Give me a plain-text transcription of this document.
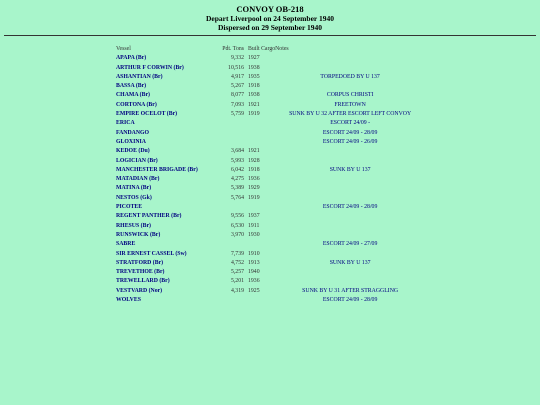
CONVOY OB-218
Depart Liverpool on 24 September 1940
Dispersed on 29 September 1940
Vessel	Pdt. Tons	Built Cargo	Notes
APAPA (Br)	9,332	1927	
ARTHUR F CORWIN (Br)	10,516	1938	
ASHANTIAN (Br)	4,917	1935	TORPEDOED BY U 137
BASSA (Br)	5,267	1918	
CHAMA (Br)	8,077	1938	CORPUS CHRISTI
CORTONA (Br)	7,093	1921	FREETOWN
EMPIRE OCELOT (Br)	5,759	1919	SUNK BY U 32 AFTER ESCORT LEFT CONVOY
ERICA			ESCORT 24/09 -
FANDANGO			ESCORT 24/09 - 28/09
GLOXINIA			ESCORT 24/09 - 26/09
KEDOE (Du)	3,684	1921	
LOGICIAN (Br)	5,993	1928	
MANCHESTER BRIGADE (Br)	6,042	1918	SUNK BY U 137
MATADIAN (Br)	4,275	1936	
MATINA (Br)	5,389	1929	
NESTOS (Gk)	5,764	1919	
PICOTEE			ESCORT 24/09 - 28/09
REGENT PANTHER (Br)	9,556	1937	
RHESUS (Br)	6,530	1911	
RUNSWICK (Br)	3,970	1930	
SABRE			ESCORT 24/09 - 27/09
SIR ERNEST CASSEL (Sw)	7,739	1910	
STRATFORD (Br)	4,752	1913	SUNK BY U 137
TREVETHOE (Br)	5,257	1940	
TREWELLARD (Br)	5,201	1936	
VESTVARD (Nor)	4,319	1925	SUNK BY U 31 AFTER STRAGGLING
WOLVES			ESCORT 24/09 - 28/09
